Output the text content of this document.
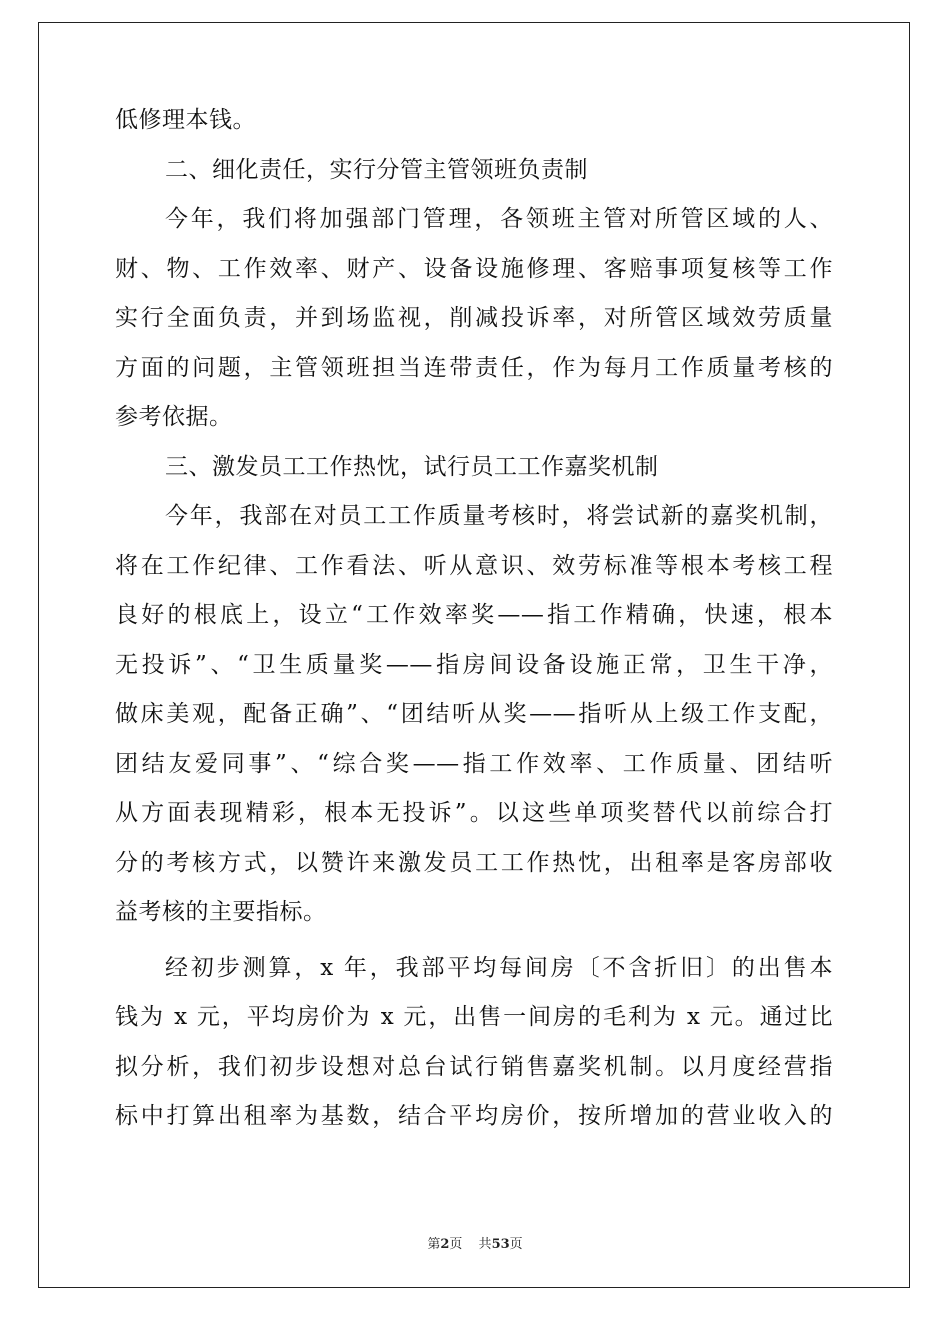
低修理本钱。
二、细化责任，实行分管主管领班负责制
今年，我们将加强部门管理，各领班主管对所管区域的人、
财、物、工作效率、财产、设备设施修理、客赔事项复核等工作
实行全面负责，并到场监视，削减投诉率，对所管区域效劳质量
方面的问题，主管领班担当连带责任，作为每月工作质量考核的
参考依据。
三、激发员工工作热忱，试行员工工作嘉奖机制
今年，我部在对员工工作质量考核时，将尝试新的嘉奖机制，
将在工作纪律、工作看法、听从意识、效劳标准等根本考核工程
良好的根底上，设立“工作效率奖——指工作精确，快速，根本
无投诉”、“卫生质量奖——指房间设备设施正常，卫生干净，
做床美观，配备正确”、“团结听从奖——指听从上级工作支配，
团结友爱同事”、“综合奖——指工作效率、工作质量、团结听
从方面表现精彩，根本无投诉”。以这些单项奖替代以前综合打
分的考核方式，以赞许来激发员工工作热忱，出租率是客房部收
益考核的主要指标。
经初步测算，x 年，我部平均每间房〔不含折旧〕的出售本
钱为 x 元，平均房价为 x 元，出售一间房的毛利为 x 元。通过比
拟分析，我们初步设想对总台试行销售嘉奖机制。以月度经营指
标中打算出租率为基数，结合平均房价，按所增加的营业收入的
第2页 共53页
